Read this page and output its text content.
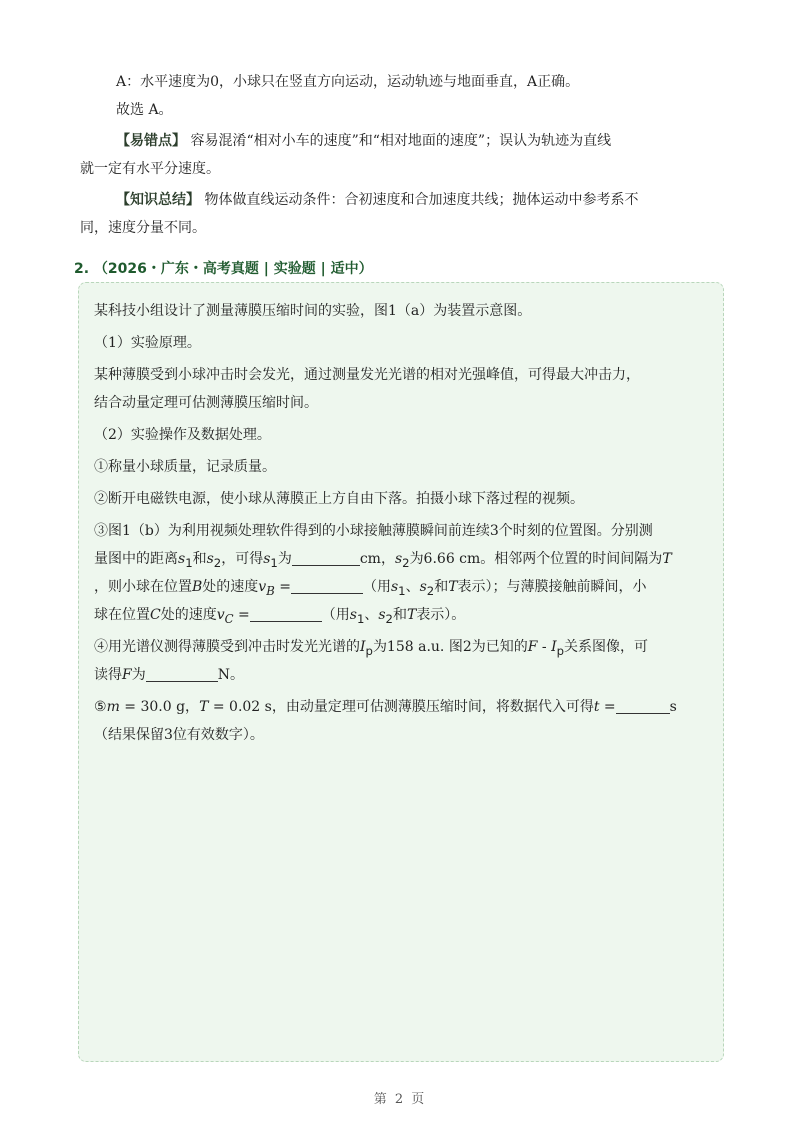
A：水平速度为0，小球只在竖直方向运动，运动轨迹与地面垂直，A正确。

故选 A。

【易错点】 容易混淆“相对小车的速度”和“相对地面的速度”；误认为轨迹为直线

就一定有水平分速度。

【知识总结】 物体做直线运动条件：合初速度和合加速度共线；抛体运动中参考系不

同，速度分量不同。

2. （2026・广东・高考真题 | 实验题 | 适中）

某科技小组设计了测量薄膜压缩时间的实验，图1（a）为装置示意图。

（1）实验原理。

某种薄膜受到小球冲击时会发光，通过测量发光光谱的相对光强峰值，可得最大冲击力，

结合动量定理可估测薄膜压缩时间。

（2）实验操作及数据处理。

①称量小球质量，记录质量。

②断开电磁铁电源，使小球从薄膜正上方自由下落。拍摄小球下落过程的视频。

③图1（b）为利用视频处理软件得到的小球接触薄膜瞬间前连续3个时刻的位置图。分别测

量图中的距离$s_1$和$s_2$，可得$s_1$为	cm，$s_2$为6.66 cm。相邻两个位置的时间间隔为T

，则小球在位置B处的速度$v_B$ =	（用$s_1$、$s_2$和T表示）；与薄膜接触前瞬间，小

球在位置C处的速度$v_C$ =	（用$s_1$、$s_2$和T表示）。

④用光谱仪测得薄膜受到冲击时发光光谱的$I_p$为158 a.u. 图2为已知的F - $I_p$关系图像，可

读得F为	N。

⑤m = 30.0 g，T = 0.02 s，由动量定理可估测薄膜压缩时间，将数据代入可得t =	s

（结果保留3位有效数字）。

第 2 页
